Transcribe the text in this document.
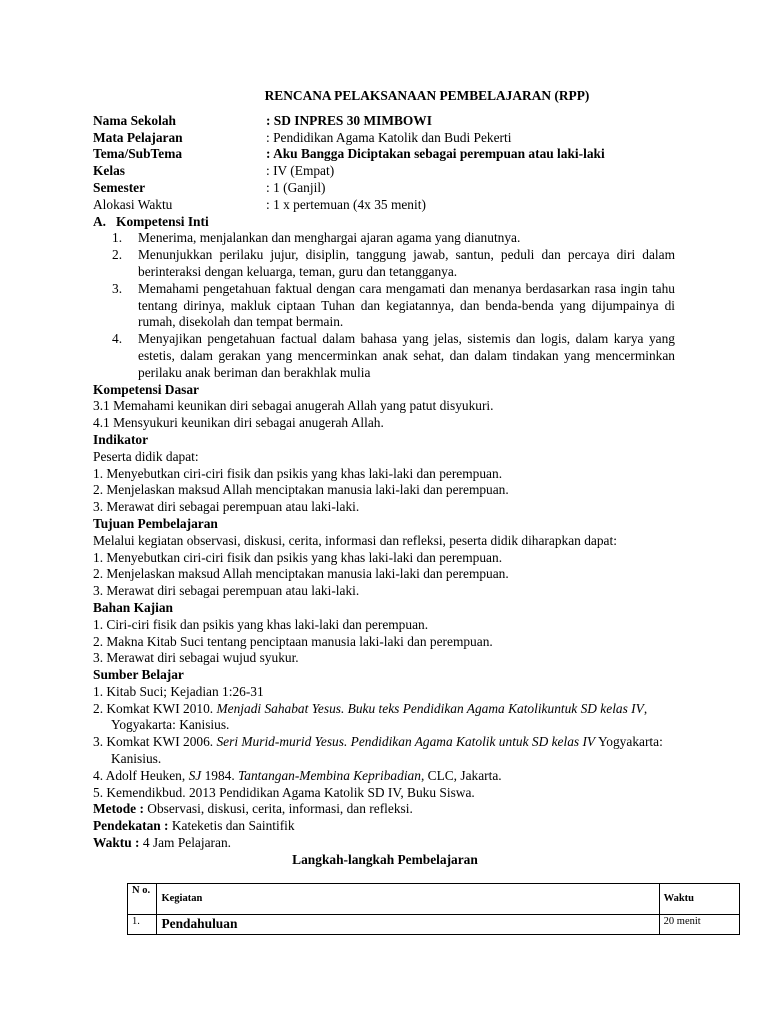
RENCANA PELAKSANAAN PEMBELAJARAN (RPP)
Nama Sekolah	: SD INPRES 30 MIMBOWI
Mata Pelajaran	: Pendidikan Agama Katolik dan Budi Pekerti
Tema/SubTema	: Aku Bangga Diciptakan sebagai perempuan atau laki-laki
Kelas	: IV (Empat)
Semester	: 1 (Ganjil)
Alokasi Waktu	: 1 x pertemuan (4x 35 menit)
A.   Kompetensi Inti
1.	Menerima, menjalankan dan menghargai ajaran agama yang dianutnya.
2.	Menunjukkan perilaku jujur, disiplin, tanggung jawab, santun, peduli dan percaya diri dalam berinteraksi dengan keluarga, teman, guru dan tetangganya.
3.	Memahami pengetahuan faktual dengan cara mengamati dan menanya berdasarkan rasa ingin tahu tentang dirinya, makluk ciptaan Tuhan dan kegiatannya, dan benda-benda yang dijumpainya di rumah, disekolah dan tempat bermain.
4.	Menyajikan pengetahuan factual dalam bahasa yang jelas, sistemis dan logis, dalam karya yang estetis, dalam gerakan yang mencerminkan anak sehat, dan dalam tindakan yang mencerminkan perilaku anak beriman dan berakhlak mulia
Kompetensi Dasar
3.1 Memahami keunikan diri sebagai anugerah Allah yang patut disyukuri.
4.1 Mensyukuri keunikan diri sebagai anugerah Allah.
Indikator
Peserta didik dapat:
1. Menyebutkan ciri-ciri fisik dan psikis yang khas laki-laki dan perempuan.
2. Menjelaskan maksud Allah menciptakan manusia laki-laki dan perempuan.
3. Merawat diri sebagai perempuan atau laki-laki.
Tujuan Pembelajaran
Melalui kegiatan observasi, diskusi, cerita, informasi dan refleksi, peserta didik diharapkan dapat:
1. Menyebutkan ciri-ciri fisik dan psikis yang khas laki-laki dan perempuan.
2. Menjelaskan maksud Allah menciptakan manusia laki-laki dan perempuan.
3. Merawat diri sebagai perempuan atau laki-laki.
Bahan Kajian
1. Ciri-ciri fisik dan psikis yang khas laki-laki dan perempuan.
2. Makna Kitab Suci tentang penciptaan manusia laki-laki dan perempuan.
3. Merawat diri sebagai wujud syukur.
Sumber Belajar
1. Kitab Suci; Kejadian 1:26-31
2. Komkat KWI 2010. Menjadi Sahabat Yesus. Buku teks Pendidikan Agama Katolikuntuk SD kelas IV, Yogyakarta: Kanisius.
3. Komkat KWI 2006. Seri Murid-murid Yesus. Pendidikan Agama Katolik untuk SD kelas IV Yogyakarta: Kanisius.
4. Adolf Heuken, SJ 1984. Tantangan-Membina Kepribadian, CLC, Jakarta.
5. Kemendikbud. 2013 Pendidikan Agama Katolik SD IV, Buku Siswa.
Metode : Observasi, diskusi, cerita, informasi, dan refleksi.
Pendekatan : Kateketis dan Saintifik
Waktu : 4 Jam Pelajaran.
Langkah-langkah Pembelajaran
N o.	Kegiatan	Waktu
1.	Pendahuluan	20 menit
